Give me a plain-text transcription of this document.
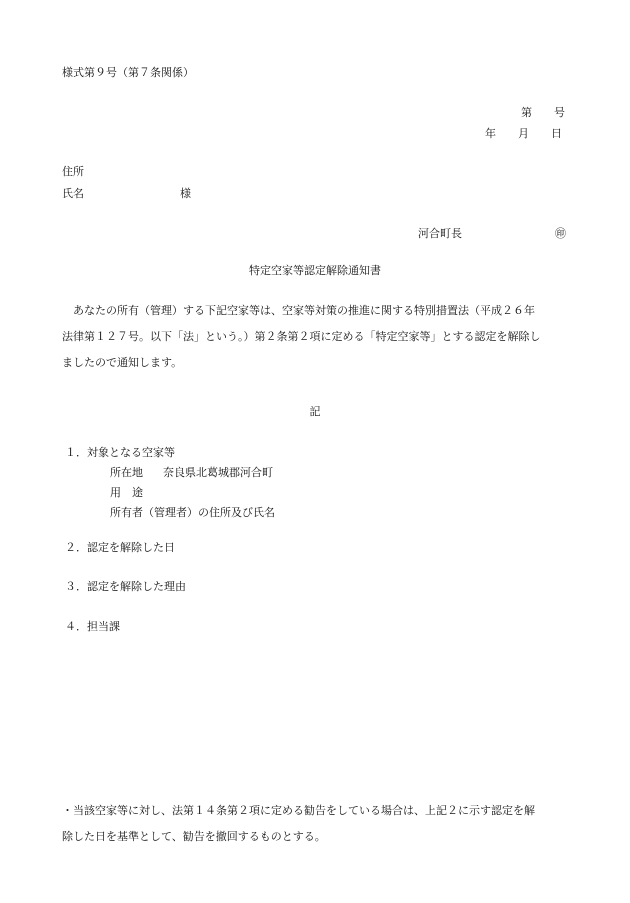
様式第９号（第７条関係）
第　　号
年　　月　　日
住所
氏名	様
河合町長	㊞
特定空家等認定解除通知書
あなたの所有（管理）する下記空家等は、空家等対策の推進に関する特別措置法（平成２６年
法律第１２７号。以下「法」という。）第２条第２項に定める「特定空家等」とする認定を解除し
ましたので通知します。
記
１．対象となる空家等
所在地 奈良県北葛城郡河合町
用　途
所有者（管理者）の住所及び氏名
２．認定を解除した日
３．認定を解除した理由
４．担当課
・当該空家等に対し、法第１４条第２項に定める勧告をしている場合は、上記２に示す認定を解
除した日を基準として、勧告を撤回するものとする。
